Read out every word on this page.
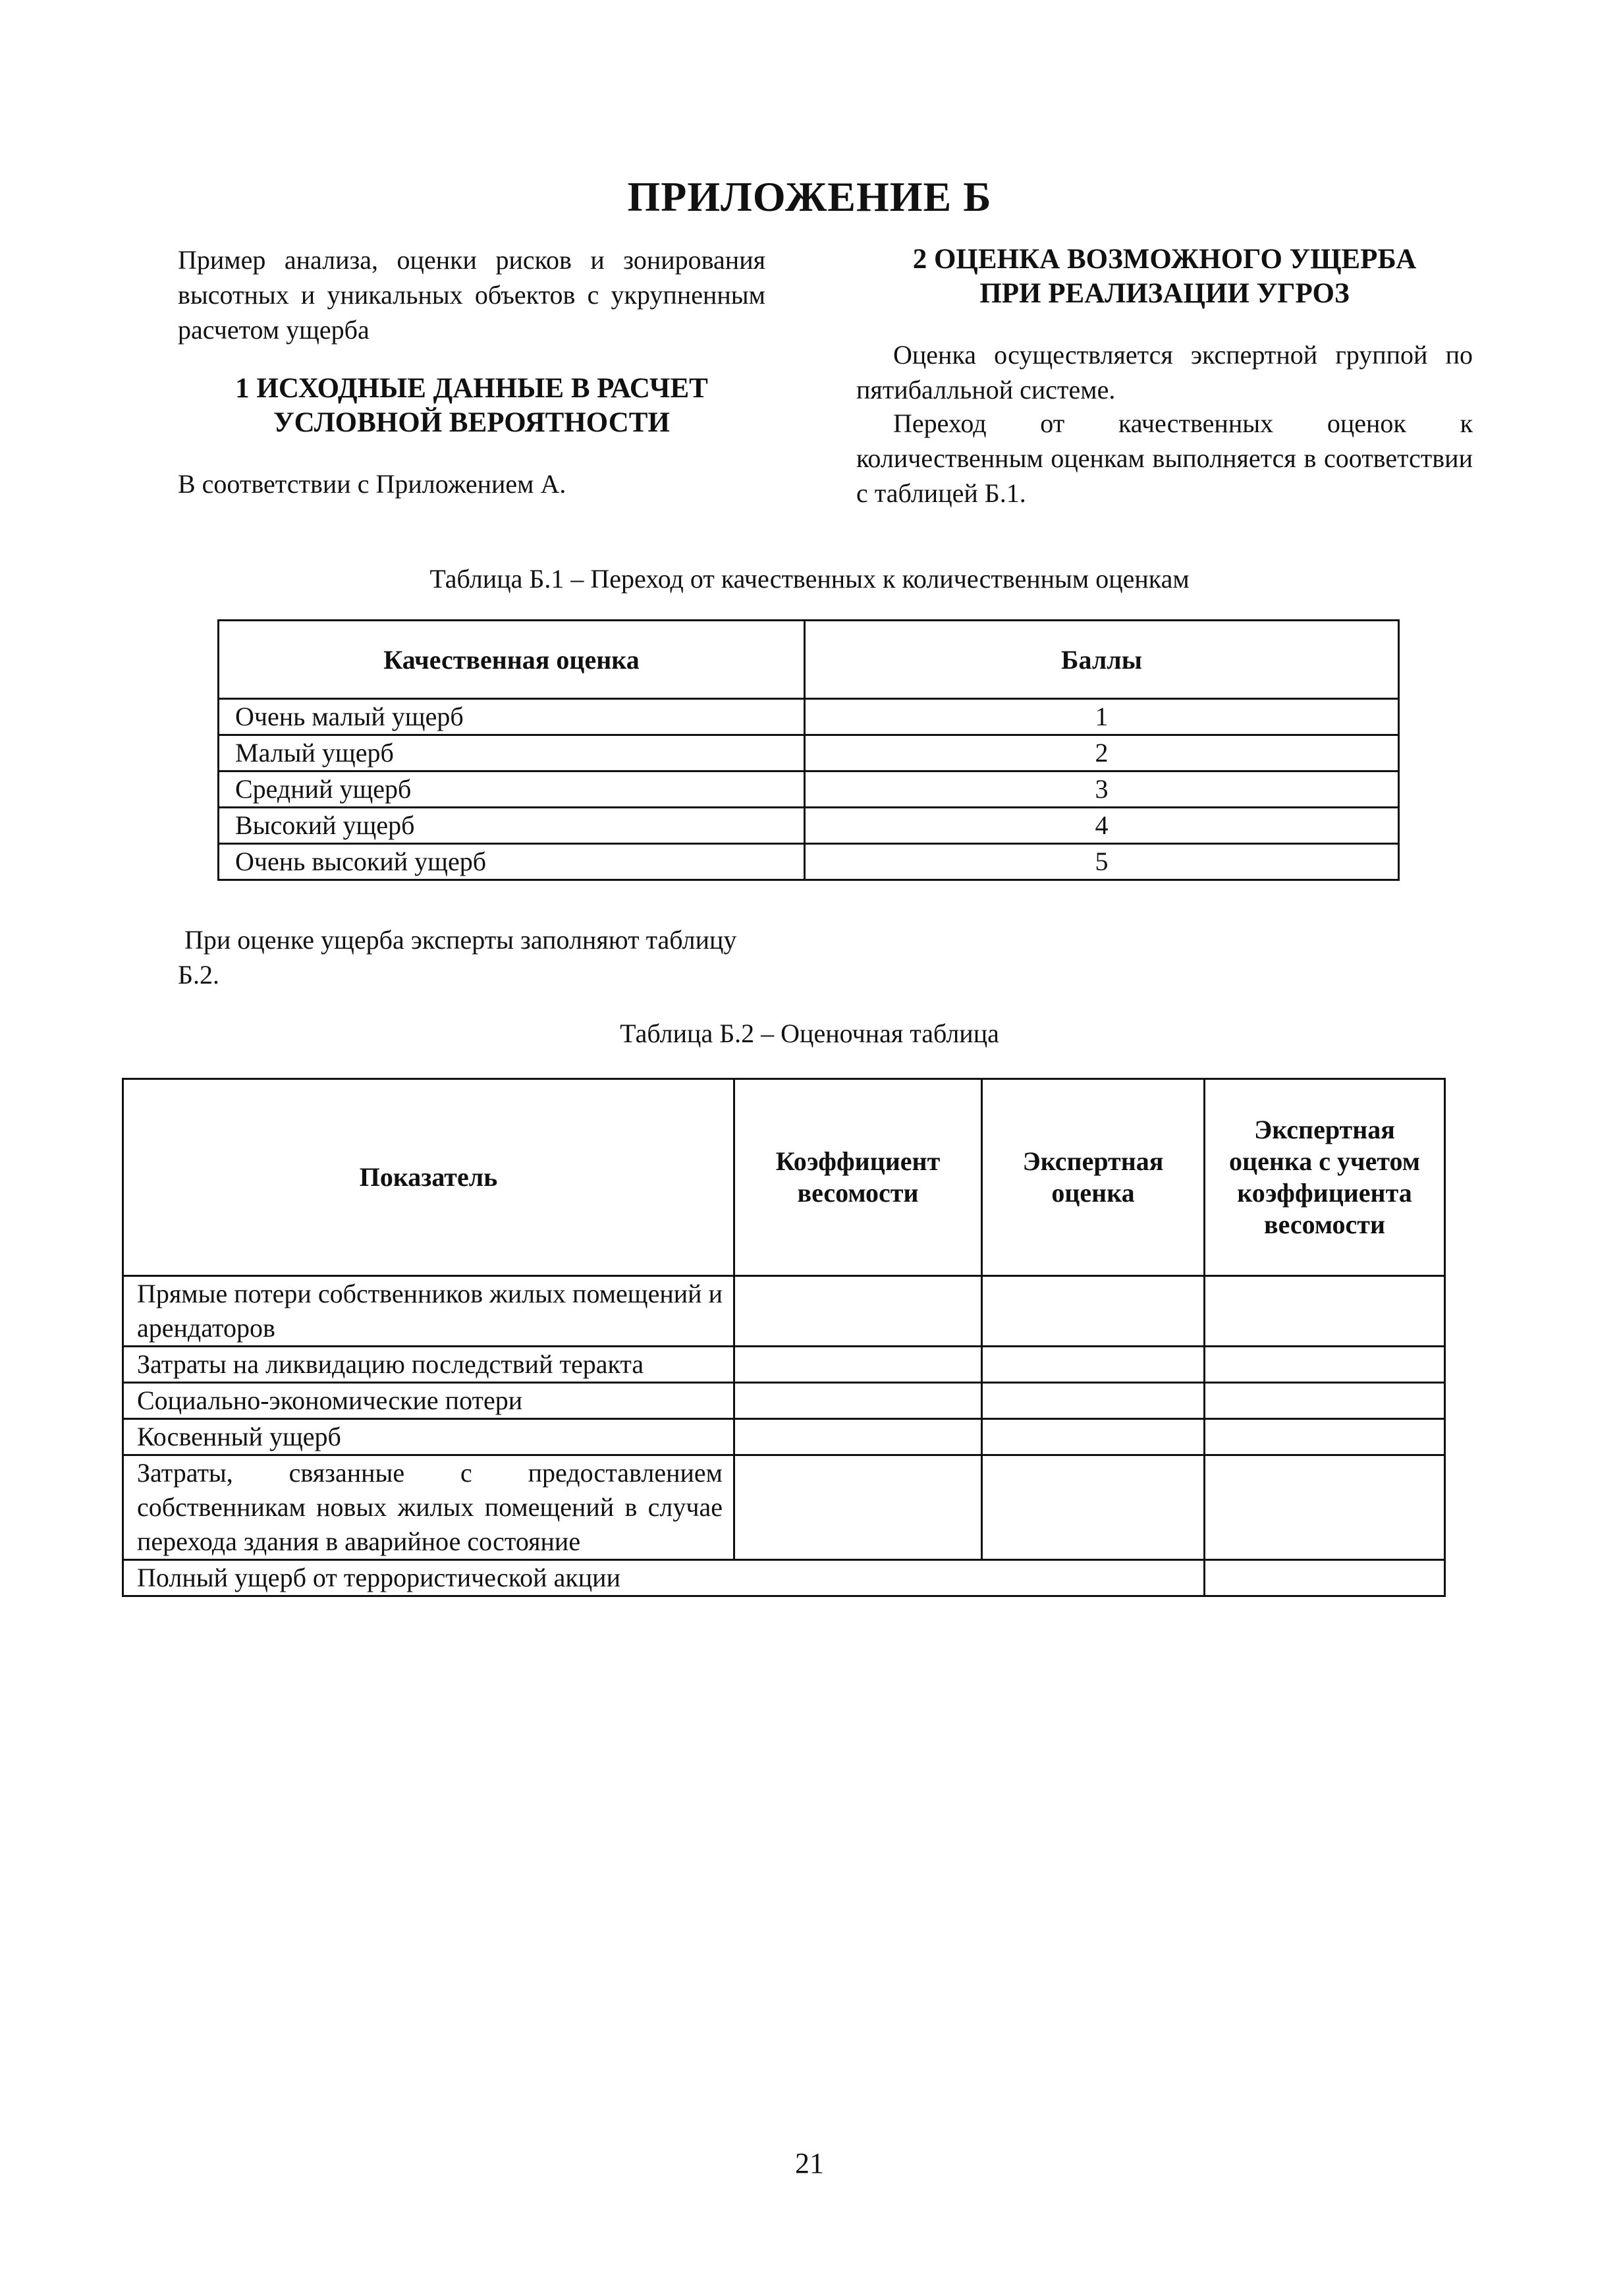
ПРИЛОЖЕНИЕ Б
Пример анализа, оценки рисков и зонирования высотных и уникальных объектов с укрупненным расчетом ущерба
1 ИСХОДНЫЕ ДАННЫЕ В РАСЧЕТ
УСЛОВНОЙ ВЕРОЯТНОСТИ
В соответствии с Приложением А.
2 ОЦЕНКА ВОЗМОЖНОГО УЩЕРБА
ПРИ РЕАЛИЗАЦИИ УГРОЗ
Оценка осуществляется экспертной группой по пятибалльной системе.
Переход от качественных оценок к количественным оценкам выполняется в соответствии с таблицей Б.1.
Таблица Б.1 – Переход от качественных к количественным оценкам
Качественная оценка	Баллы
Очень малый ущерб	1
Малый ущерб	2
Средний ущерб	3
Высокий ущерб	4
Очень высокий ущерб	5
При оценке ущерба эксперты заполняют таблицу Б.2.
Таблица Б.2 – Оценочная таблица
Показатель	Коэффициент весомости	Экспертная оценка	Экспертная оценка с учетом коэффициента весомости
Прямые потери собственников жилых помещений и арендаторов			
Затраты на ликвидацию последствий теракта			
Социально-экономические потери			
Косвенный ущерб			
Затраты, связанные с предоставлением собственникам новых жилых помещений в случае перехода здания в аварийное состояние			
Полный ущерб от террористической акции			
21
